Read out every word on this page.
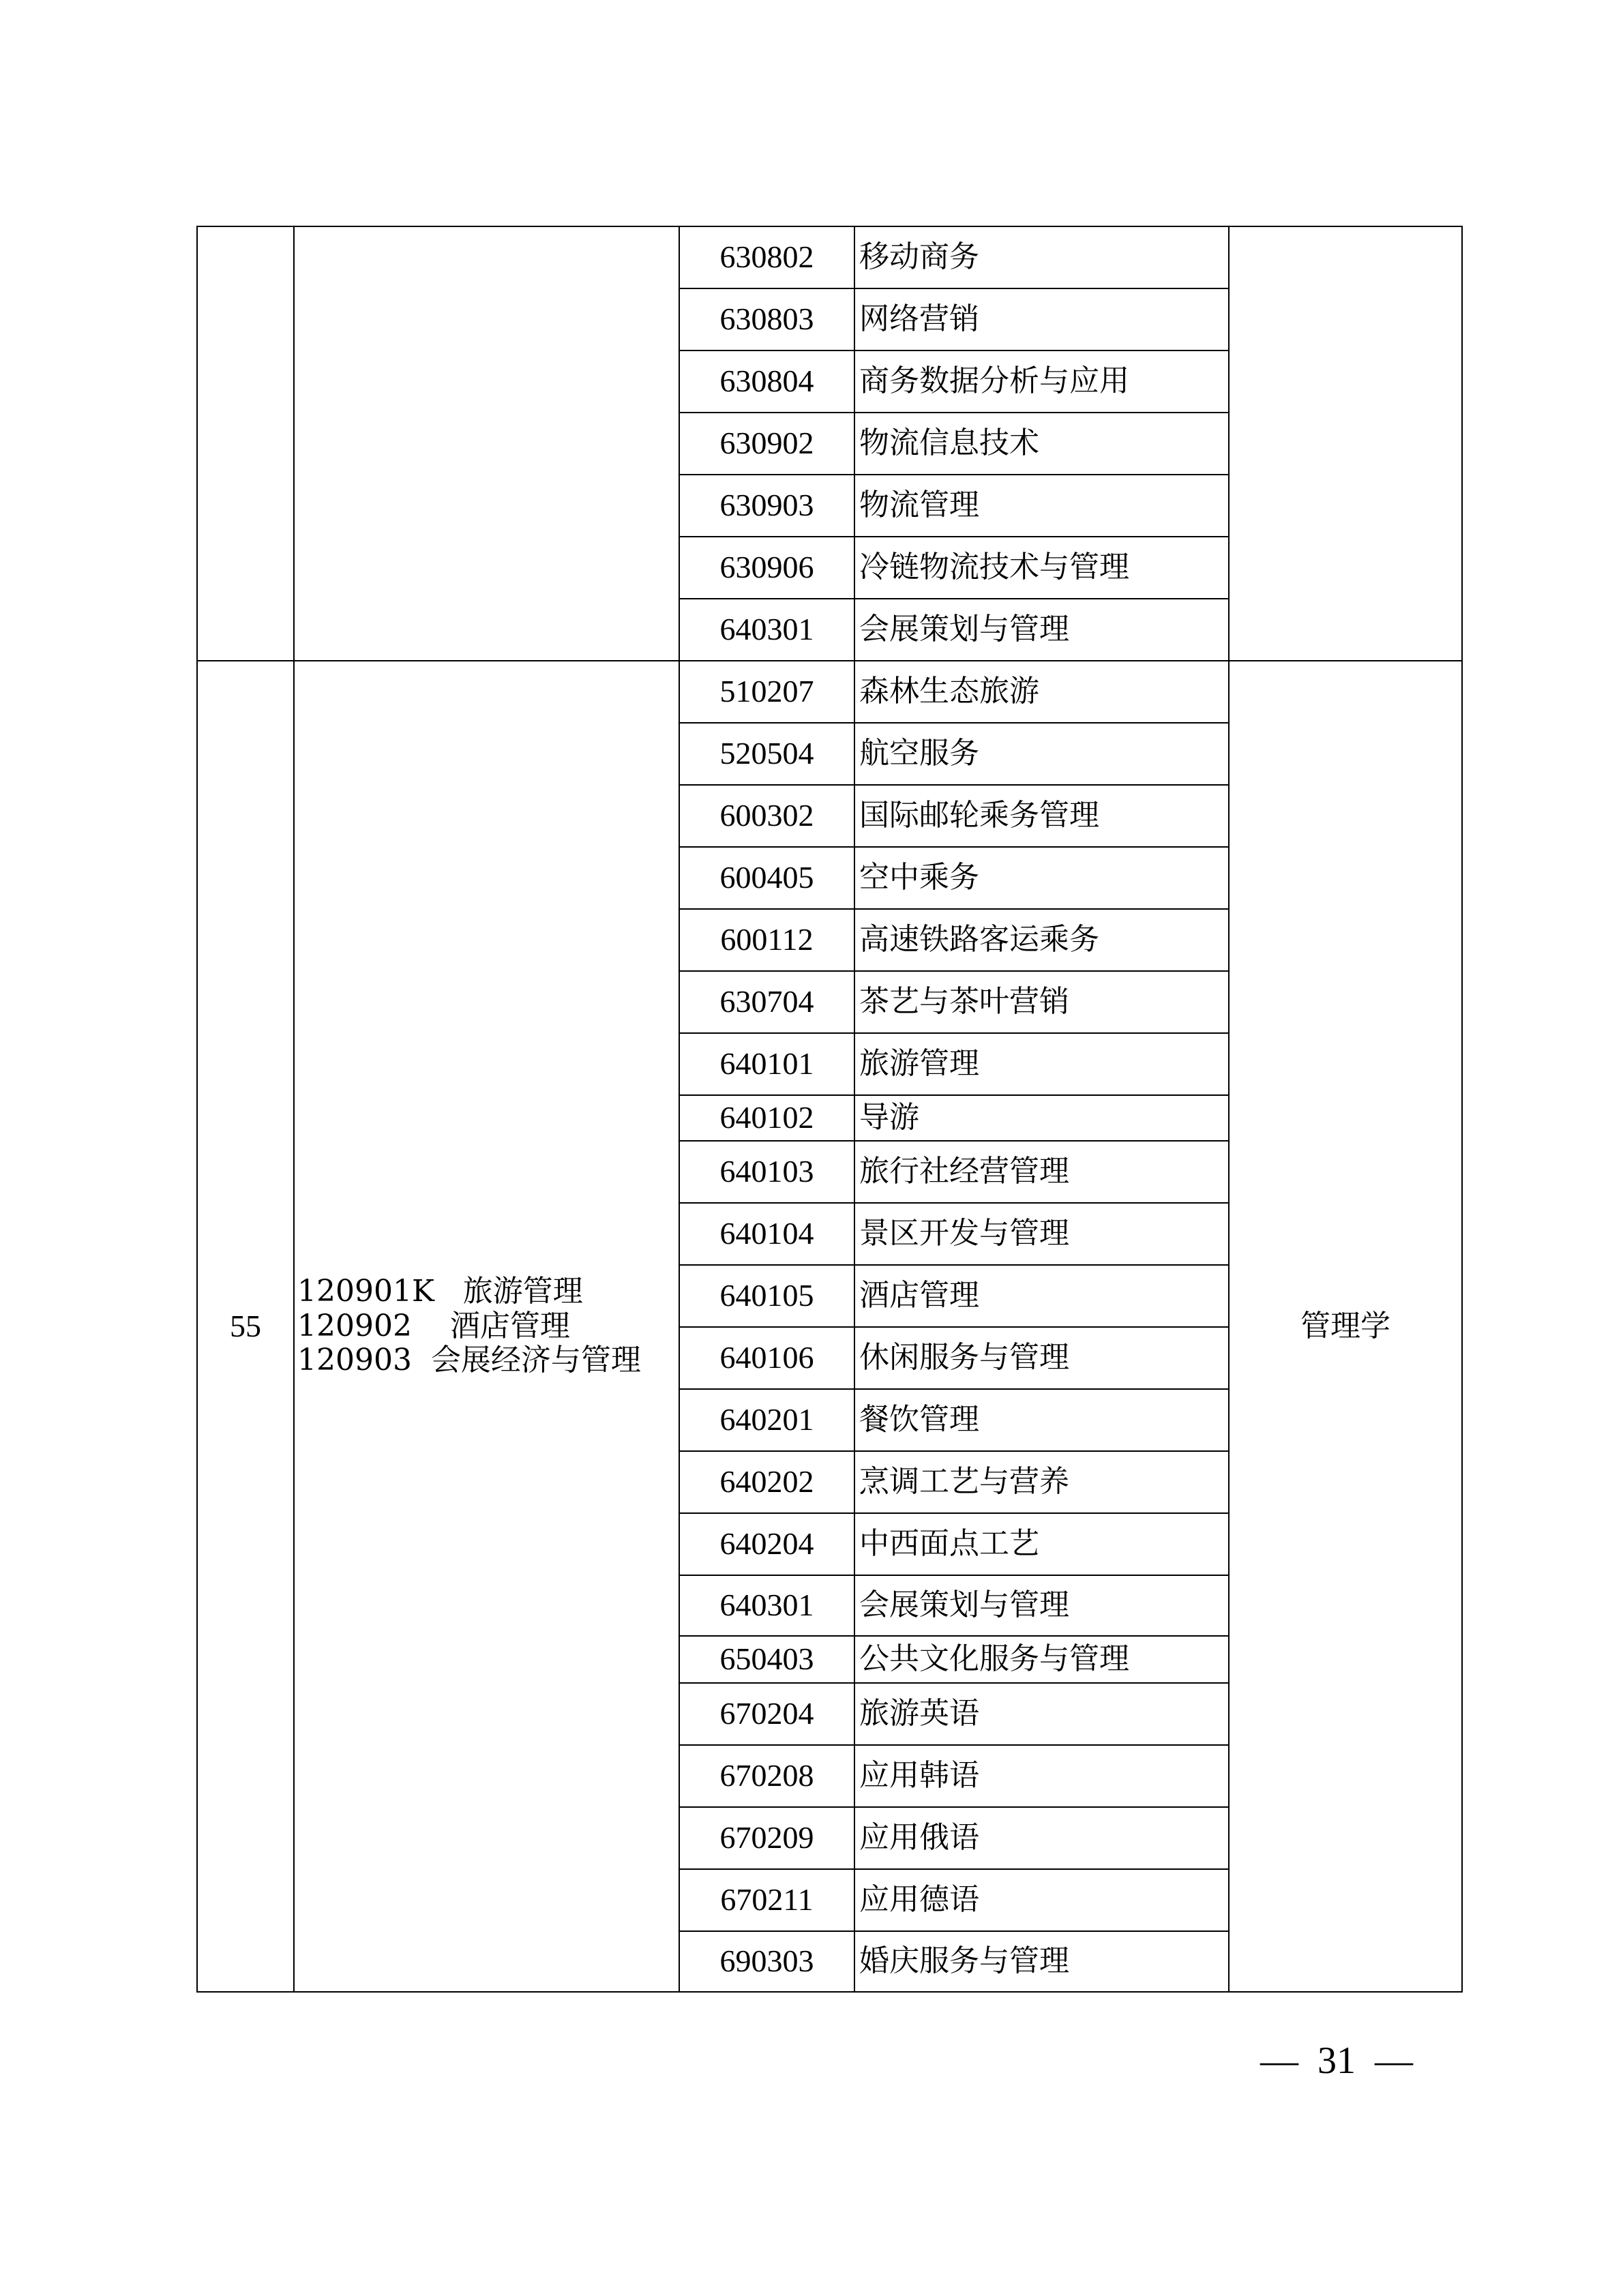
		630802	移动商务	
		630803	网络营销	
		630804	商务数据分析与应用	
		630902	物流信息技术	
		630903	物流管理	
		630906	冷链物流技术与管理	
		640301	会展策划与管理	
55	120901K   旅游管理
120902    酒店管理
120903  会展经济与管理	510207	森林生态旅游	管理学
		520504	航空服务	
		600302	国际邮轮乘务管理	
		600405	空中乘务	
		600112	高速铁路客运乘务	
		630704	茶艺与茶叶营销	
		640101	旅游管理	
		640102	导游	
		640103	旅行社经营管理	
		640104	景区开发与管理	
		640105	酒店管理	
		640106	休闲服务与管理	
		640201	餐饮管理	
		640202	烹调工艺与营养	
		640204	中西面点工艺	
		640301	会展策划与管理	
		650403	公共文化服务与管理	
		670204	旅游英语	
		670208	应用韩语	
		670209	应用俄语	
		670211	应用德语	
		690303	婚庆服务与管理	
—  31  —
